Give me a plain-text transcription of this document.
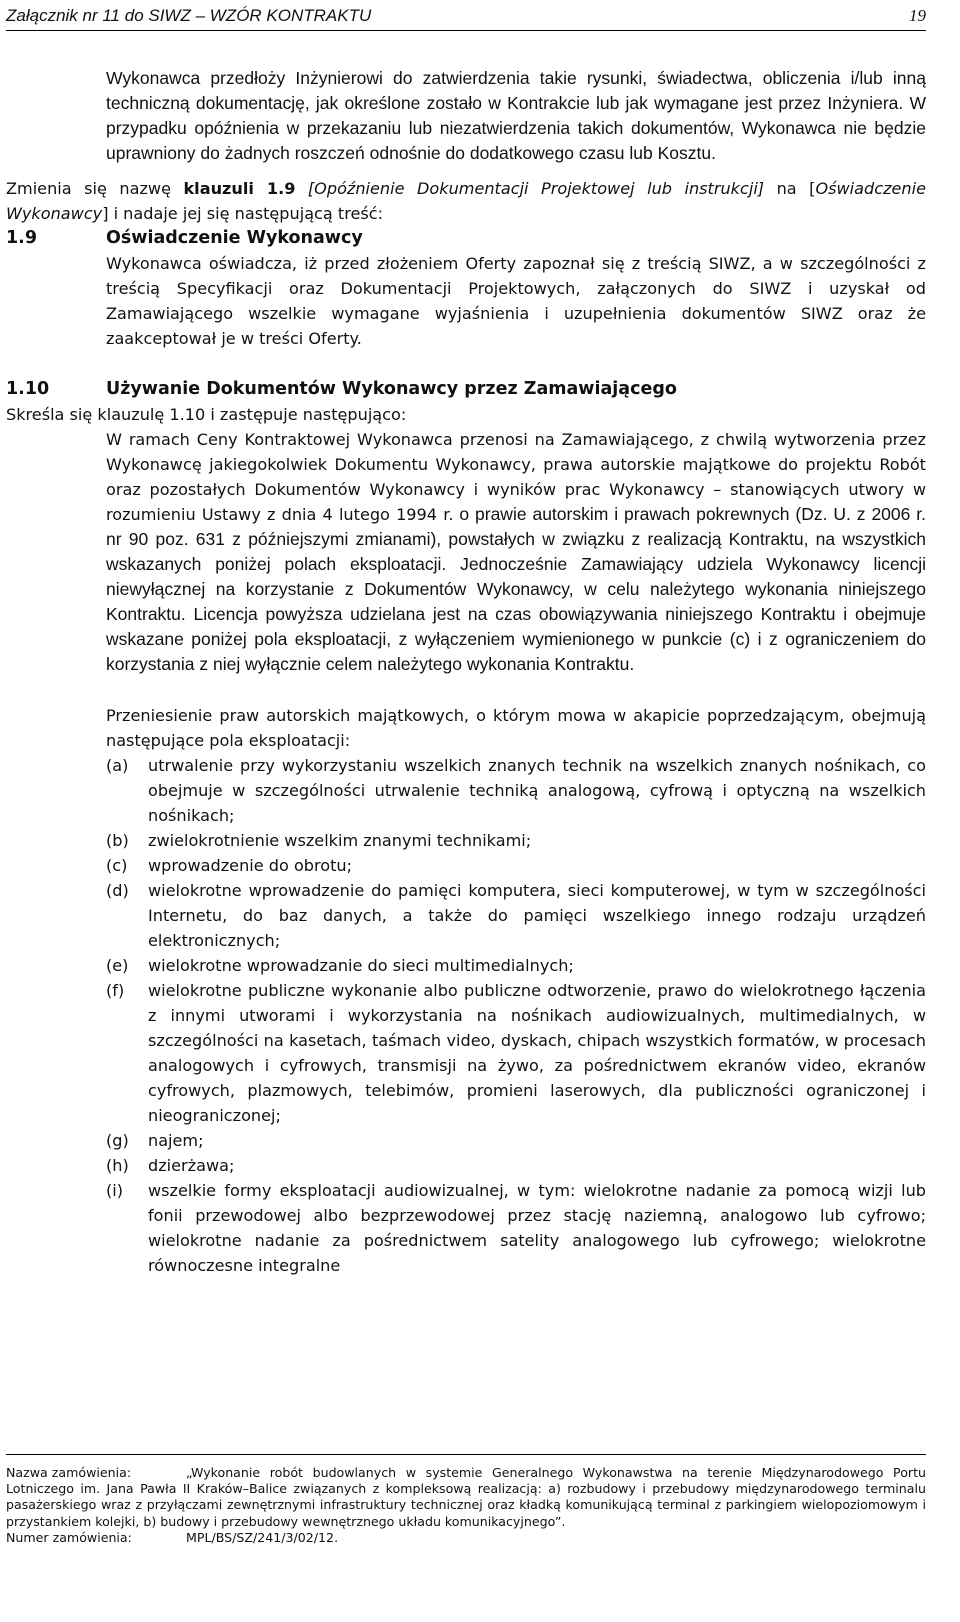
Załącznik nr 11 do SIWZ – WZÓR KONTRAKTU	19

Wykonawca przedłoży Inżynierowi do zatwierdzenia takie rysunki, świadectwa, obliczenia i/lub inną techniczną dokumentację, jak określone zostało w Kontrakcie lub jak wymagane jest przez Inżyniera. W przypadku opóźnienia w przekazaniu lub niezatwierdzenia takich dokumentów, Wykonawca nie będzie uprawniony do żadnych roszczeń odnośnie do dodatkowego czasu lub Kosztu.

Zmienia się nazwę klauzuli 1.9 [Opóźnienie Dokumentacji Projektowej lub instrukcji] na [Oświadczenie Wykonawcy] i nadaje jej się następującą treść:

1.9	Oświadczenie Wykonawcy

Wykonawca oświadcza, iż przed złożeniem Oferty zapoznał się z treścią SIWZ, a w szczególności z treścią Specyfikacji oraz Dokumentacji Projektowych, załączonych do SIWZ i uzyskał od Zamawiającego wszelkie wymagane wyjaśnienia i uzupełnienia dokumentów SIWZ oraz że zaakceptował je w treści Oferty.

1.10	Używanie Dokumentów Wykonawcy przez Zamawiającego

Skreśla się klauzulę 1.10 i zastępuje następująco:

W ramach Ceny Kontraktowej Wykonawca przenosi na Zamawiającego, z chwilą wytworzenia przez Wykonawcę jakiegokolwiek Dokumentu Wykonawcy, prawa autorskie majątkowe do projektu Robót oraz pozostałych Dokumentów Wykonawcy i wyników prac Wykonawcy – stanowiących utwory w rozumieniu Ustawy z dnia 4 lutego 1994 r. o prawie autorskim i prawach pokrewnych (Dz. U. z 2006 r. nr 90 poz. 631 z późniejszymi zmianami), powstałych w związku z realizacją Kontraktu, na wszystkich wskazanych poniżej polach eksploatacji. Jednocześnie Zamawiający udziela Wykonawcy licencji niewyłącznej na korzystanie z Dokumentów Wykonawcy, w celu należytego wykonania niniejszego Kontraktu. Licencja powyższa udzielana jest na czas obowiązywania niniejszego Kontraktu i obejmuje wskazane poniżej pola eksploatacji, z wyłączeniem wymienionego w punkcie (c) i z ograniczeniem do korzystania z niej wyłącznie celem należytego wykonania Kontraktu.

Przeniesienie praw autorskich majątkowych, o którym mowa w akapicie poprzedzającym, obejmują następujące pola eksploatacji:

(a) utrwalenie przy wykorzystaniu wszelkich znanych technik na wszelkich znanych nośnikach, co obejmuje w szczególności utrwalenie techniką analogową, cyfrową i optyczną na wszelkich nośnikach;
(b) zwielokrotnienie wszelkim znanymi technikami;
(c) wprowadzenie do obrotu;
(d) wielokrotne wprowadzenie do pamięci komputera, sieci komputerowej, w tym w szczególności Internetu, do baz danych, a także do pamięci wszelkiego innego rodzaju urządzeń elektronicznych;
(e) wielokrotne wprowadzanie do sieci multimedialnych;
(f) wielokrotne publiczne wykonanie albo publiczne odtworzenie, prawo do wielokrotnego łączenia z innymi utworami i wykorzystania na nośnikach audiowizualnych, multimedialnych, w szczególności na kasetach, taśmach video, dyskach, chipach wszystkich formatów, w procesach analogowych i cyfrowych, transmisji na żywo, za pośrednictwem ekranów video, ekranów cyfrowych, plazmowych, telebimów, promieni laserowych, dla publiczności ograniczonej i nieograniczonej;
(g) najem;
(h) dzierżawa;
(i) wszelkie formy eksploatacji audiowizualnej, w tym: wielokrotne nadanie za pomocą wizji lub fonii przewodowej albo bezprzewodowej przez stację naziemną, analogowo lub cyfrowo; wielokrotne nadanie za pośrednictwem satelity analogowego lub cyfrowego; wielokrotne równoczesne integralne
Nazwa zamówienia:	„Wykonanie robót budowlanych w systemie Generalnego Wykonawstwa na terenie Międzynarodowego Portu Lotniczego im. Jana Pawła II Kraków–Balice związanych z kompleksową realizacją: a) rozbudowy i przebudowy międzynarodowego terminalu pasażerskiego wraz z przyłączami zewnętrznymi infrastruktury technicznej oraz kładką komunikującą terminal z parkingiem wielopoziomowym i przystankiem kolejki, b) budowy i przebudowy wewnętrznego układu komunikacyjnego”.
Numer zamówienia:	MPL/BS/SZ/241/3/02/12.
